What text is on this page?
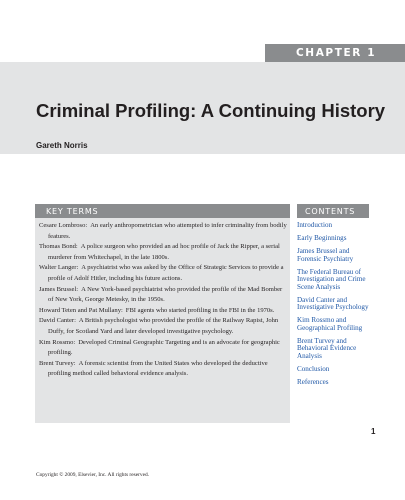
CHAPTER 1
Criminal Profiling: A Continuing History
Gareth Norris
KEY TERMS
Cesare Lombroso: An early anthropometrician who attempted to infer criminality from bodily features.
Thomas Bond: A police surgeon who provided an ad hoc profile of Jack the Ripper, a serial murderer from Whitechapel, in the late 1800s.
Walter Langer: A psychiatrist who was asked by the Office of Strategic Services to provide a profile of Adolf Hitler, including his future actions.
James Brussel: A New York-based psychiatrist who provided the profile of the Mad Bomber of New York, George Metesky, in the 1950s.
Howard Teten and Pat Mullany: FBI agents who started profiling in the FBI in the 1970s.
David Canter: A British psychologist who provided the profile of the Railway Rapist, John Duffy, for Scotland Yard and later developed investigative psychology.
Kim Rossmo: Developed Criminal Geographic Targeting and is an advocate for geographic profiling.
Brent Turvey: A forensic scientist from the United States who developed the deductive profiling method called behavioral evidence analysis.
CONTENTS
Introduction
Early Beginnings
James Brussel and Forensic Psychiatry
The Federal Bureau of Investigation and Crime Scene Analysis
David Canter and Investigative Psychology
Kim Rossmo and Geographical Profiling
Brent Turvey and Behavioral Evidence Analysis
Conclusion
References
1
Copyright © 2009, Elsevier, Inc. All rights reserved.
